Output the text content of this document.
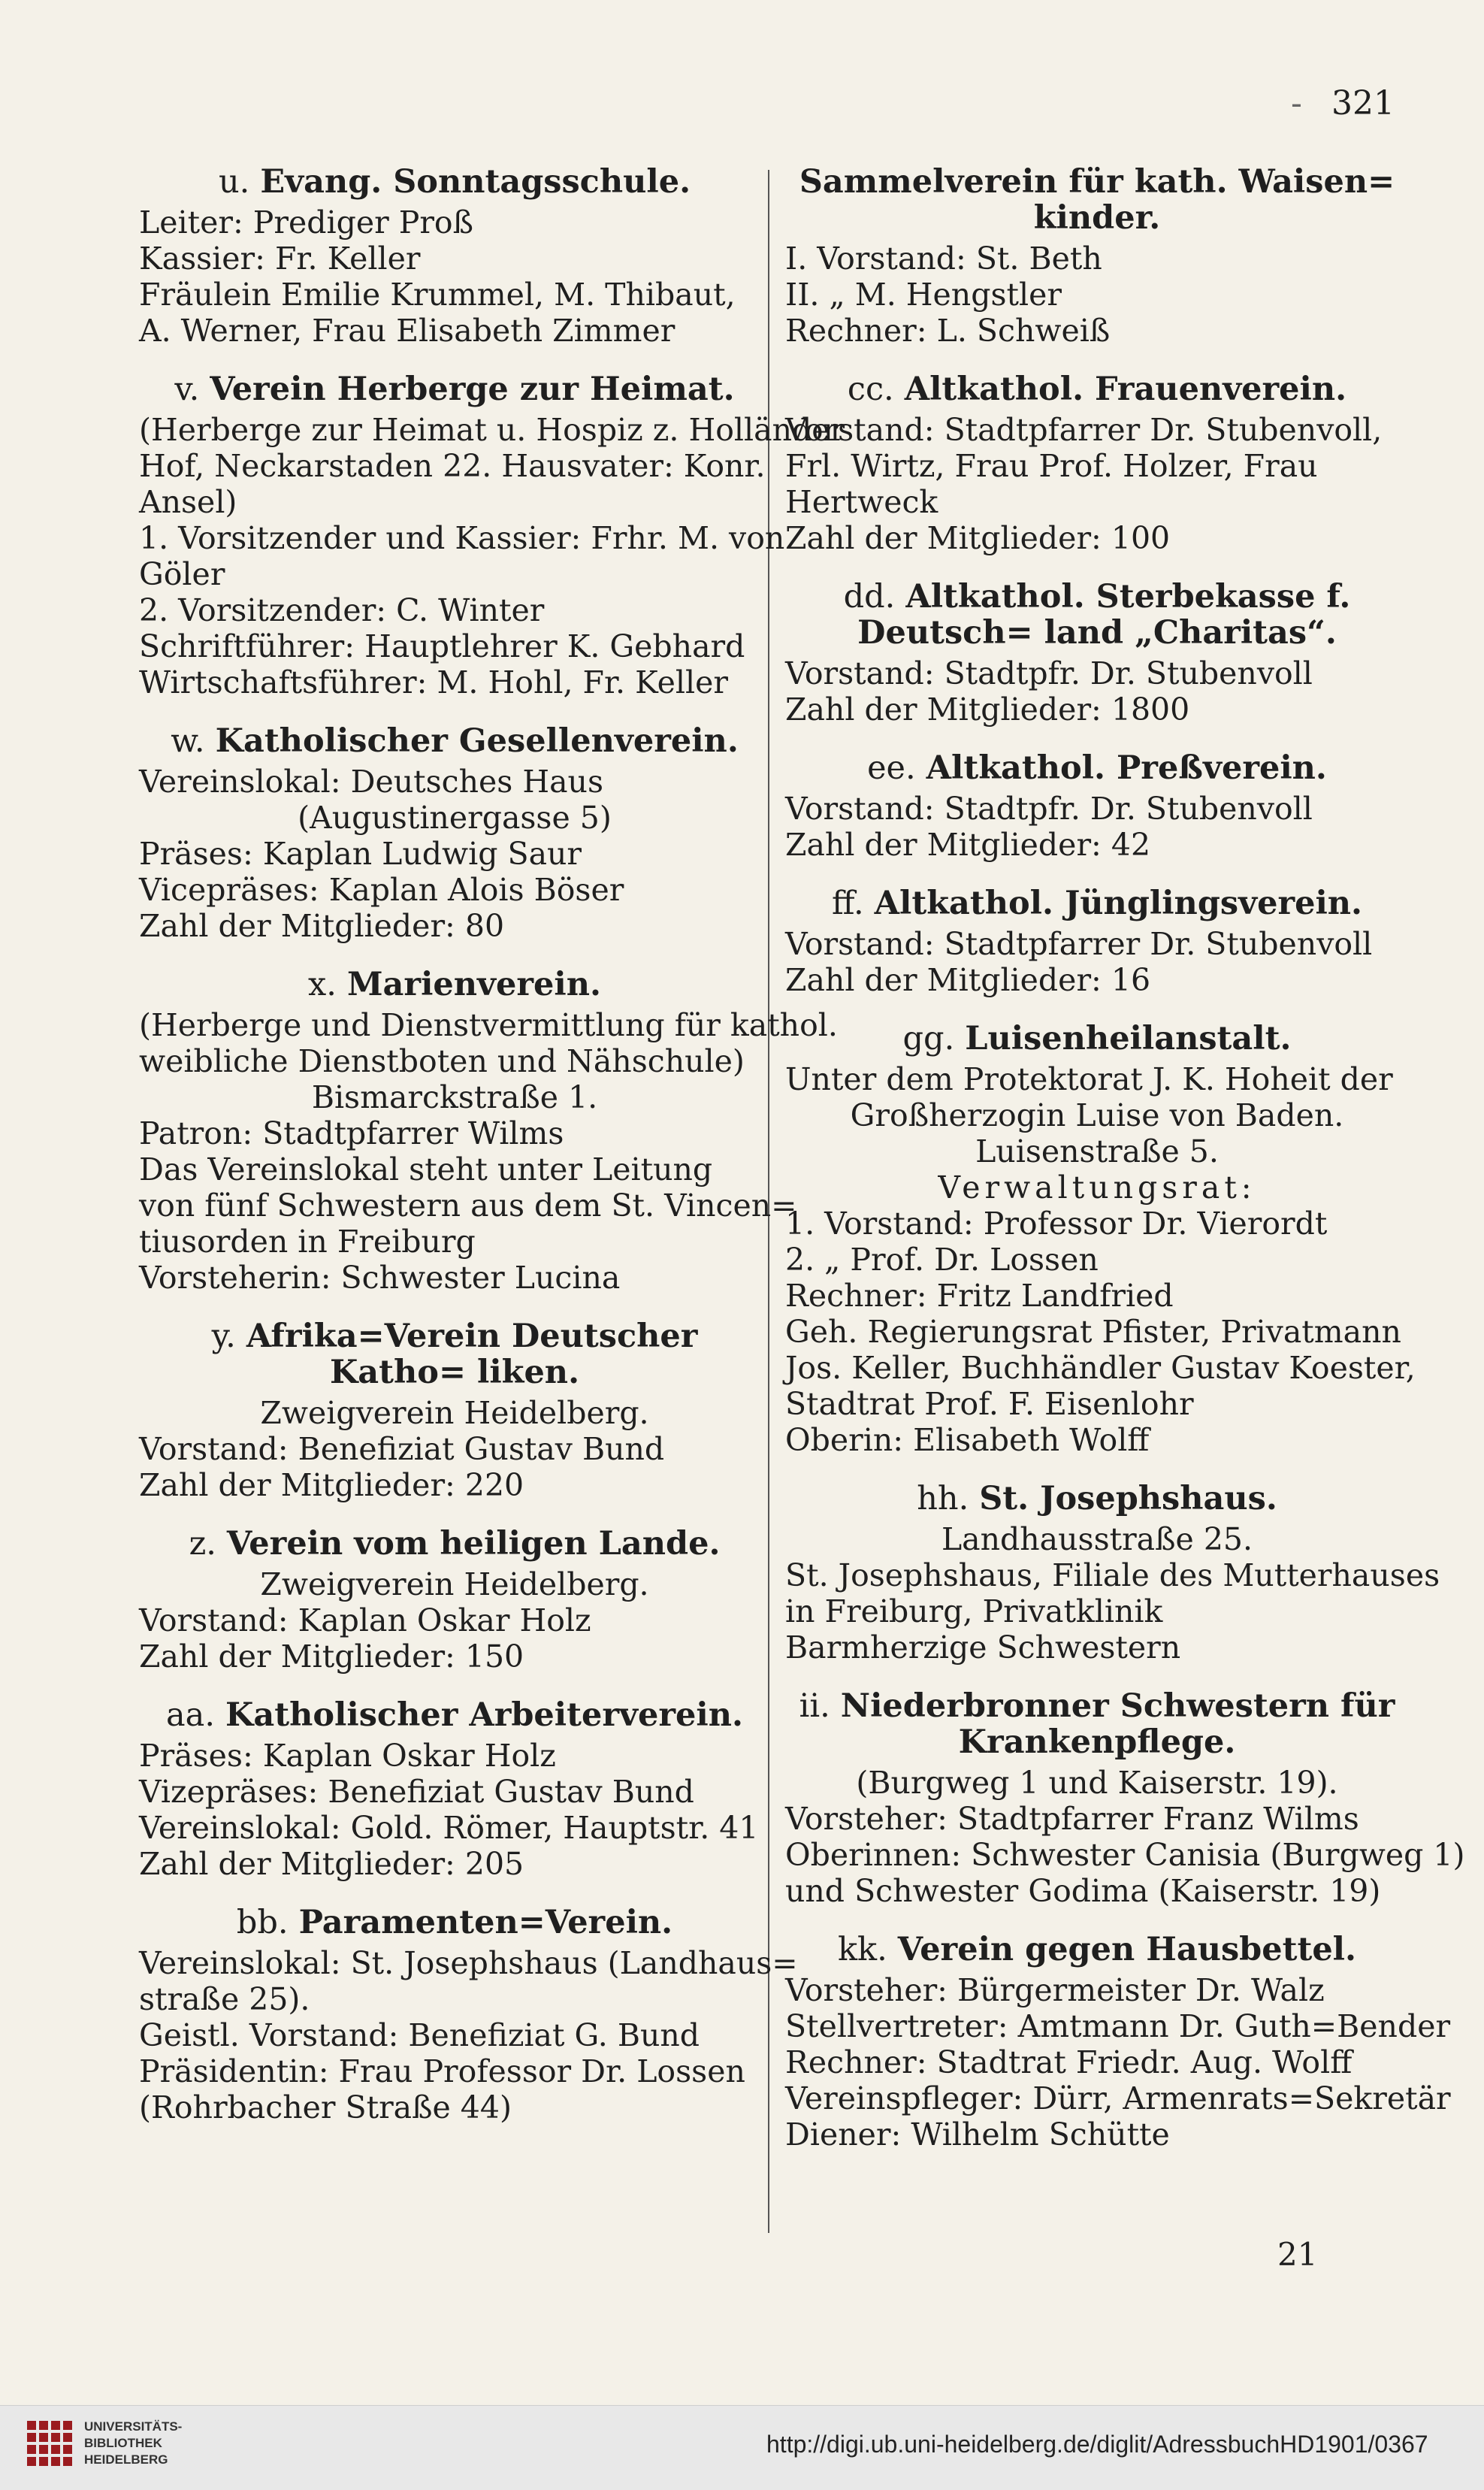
- 321
u. Evang. Sonntagsschule.
Leiter: Prediger Proß
Kassier: Fr. Keller
Fräulein Emilie Krummel, M. Thibaut,
A. Werner, Frau Elisabeth Zimmer
v. Verein Herberge zur Heimat.
(Herberge zur Heimat u. Hospiz z. Holländer
Hof, Neckarstaden 22. Hausvater: Konr.
Ansel)
1. Vorsitzender und Kassier: Frhr. M. von
Göler
2. Vorsitzender: C. Winter
Schriftführer: Hauptlehrer K. Gebhard
Wirtschaftsführer: M. Hohl, Fr. Keller
w. Katholischer Gesellenverein.
Vereinslokal: Deutsches Haus
(Augustinergasse 5)
Präses: Kaplan Ludwig Saur
Vicepräses: Kaplan Alois Böser
Zahl der Mitglieder: 80
x. Marienverein.
(Herberge und Dienstvermittlung für kathol.
weibliche Dienstboten und Nähschule)
Bismarckstraße 1.
Patron: Stadtpfarrer Wilms
Das Vereinslokal steht unter Leitung
von fünf Schwestern aus dem St. Vincen=
tiusorden in Freiburg
Vorsteherin: Schwester Lucina
y. Afrika=Verein Deutscher Katho= liken.
Zweigverein Heidelberg.
Vorstand: Benefiziat Gustav Bund
Zahl der Mitglieder: 220
z. Verein vom heiligen Lande.
Zweigverein Heidelberg.
Vorstand: Kaplan Oskar Holz
Zahl der Mitglieder: 150
aa. Katholischer Arbeiterverein.
Präses: Kaplan Oskar Holz
Vizepräses: Benefiziat Gustav Bund
Vereinslokal: Gold. Römer, Hauptstr. 41
Zahl der Mitglieder: 205
bb. Paramenten=Verein.
Vereinslokal: St. Josephshaus (Landhaus=
straße 25).
Geistl. Vorstand: Benefiziat G. Bund
Präsidentin: Frau Professor Dr. Lossen
(Rohrbacher Straße 44)
Sammelverein für kath. Waisen= kinder.
I. Vorstand: St. Beth
II. „ M. Hengstler
Rechner: L. Schweiß
cc. Altkathol. Frauenverein.
Vorstand: Stadtpfarrer Dr. Stubenvoll,
Frl. Wirtz, Frau Prof. Holzer, Frau
Hertweck
Zahl der Mitglieder: 100
dd. Altkathol. Sterbekasse f. Deutsch= land „Charitas“.
Vorstand: Stadtpfr. Dr. Stubenvoll
Zahl der Mitglieder: 1800
ee. Altkathol. Preßverein.
Vorstand: Stadtpfr. Dr. Stubenvoll
Zahl der Mitglieder: 42
ff. Altkathol. Jünglingsverein.
Vorstand: Stadtpfarrer Dr. Stubenvoll
Zahl der Mitglieder: 16
gg. Luisenheilanstalt.
Unter dem Protektorat J. K. Hoheit der
Großherzogin Luise von Baden.
Luisenstraße 5.
Verwaltungsrat:
1. Vorstand: Professor Dr. Vierordt
2. „ Prof. Dr. Lossen
Rechner: Fritz Landfried
Geh. Regierungsrat Pfister, Privatmann
Jos. Keller, Buchhändler Gustav Koester,
Stadtrat Prof. F. Eisenlohr
Oberin: Elisabeth Wolff
hh. St. Josephshaus.
Landhausstraße 25.
St. Josephshaus, Filiale des Mutterhauses
in Freiburg, Privatklinik
Barmherzige Schwestern
ii. Niederbronner Schwestern für Krankenpflege.
(Burgweg 1 und Kaiserstr. 19).
Vorsteher: Stadtpfarrer Franz Wilms
Oberinnen: Schwester Canisia (Burgweg 1)
und Schwester Godima (Kaiserstr. 19)
kk. Verein gegen Hausbettel.
Vorsteher: Bürgermeister Dr. Walz
Stellvertreter: Amtmann Dr. Guth=Bender
Rechner: Stadtrat Friedr. Aug. Wolff
Vereinspfleger: Dürr, Armenrats=Sekretär
Diener: Wilhelm Schütte
21
UNIVERSITÄTS-
BIBLIOTHEK
HEIDELBERG
http://digi.ub.uni-heidelberg.de/diglit/AdressbuchHD1901/0367
